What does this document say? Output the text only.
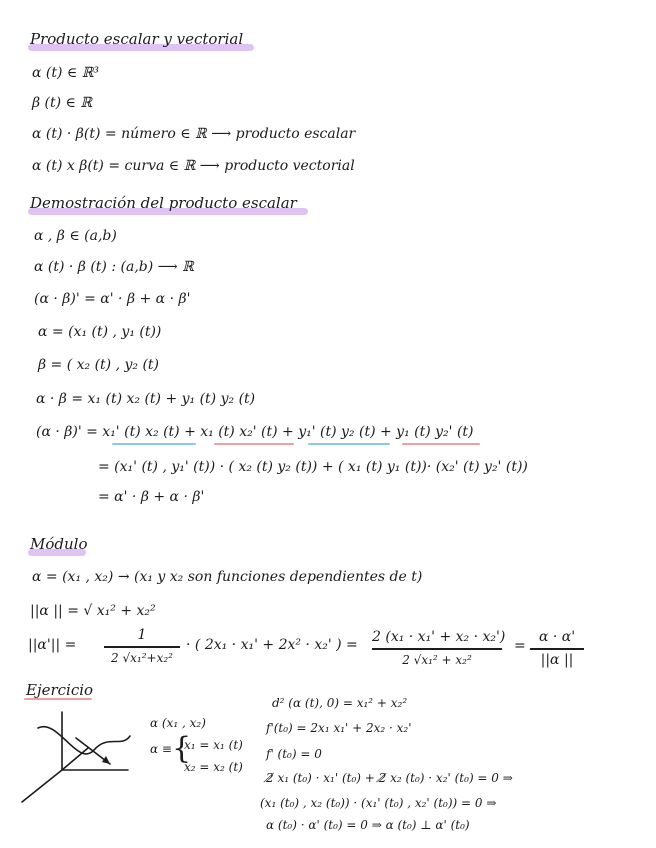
Producto escalar y vectorial
α (t) ∈ ℝ³
β (t) ∈ ℝ
α (t) · β(t) = número ∈ ℝ ⟶ producto escalar
α (t) x β(t) = curva ∈ ℝ ⟶ producto vectorial
Demostración del producto escalar
α , β ∈ (a,b)
α (t) · β (t) : (a,b) ⟶ ℝ
(α · β)' = α' · β + α · β'
α = (x₁ (t) , y₁ (t))
β = ( x₂ (t) , y₂ (t)
α · β = x₁ (t) x₂ (t) + y₁ (t) y₂ (t)
(α · β)' = x₁' (t) x₂ (t) + x₁ (t) x₂' (t) + y₁' (t) y₂ (t) + y₁ (t) y₂' (t)
= (x₁' (t) , y₁' (t)) · ( x₂ (t) y₂ (t)) + ( x₁ (t) y₁ (t))· (x₂' (t) y₂' (t))
= α' · β + α · β'
Módulo
α = (x₁ , x₂) → (x₁ y x₂ son funciones dependientes de t)
||α || = √ x₁² + x₂²
||α'|| =
1
2 √x₁²+x₂²
· ( 2x₁ · x₁' + 2x² · x₂' ) = 2 (x₁ · x₁' + x₂ · x₂')
2 √x₁² + x₂²
=
α · α'
||α ||
Ejercicio
α (x₁ , x₂)
α ≡ {
x₁ = x₁ (t)
x₂ = x₂ (t)
d² (α (t), 0) = x₁² + x₂²
f'(t₀) = 2x₁ x₁' + 2x₂ · x₂'
f' (t₀) = 0
2̸ x₁ (t₀) · x₁' (t₀) + 2̸ x₂ (t₀) · x₂' (t₀) = 0 ⇒
(x₁ (t₀) , x₂ (t₀)) · (x₁' (t₀) , x₂' (t₀)) = 0 ⇒
α (t₀) · α' (t₀) = 0 ⇒ α (t₀) ⊥ α' (t₀)
